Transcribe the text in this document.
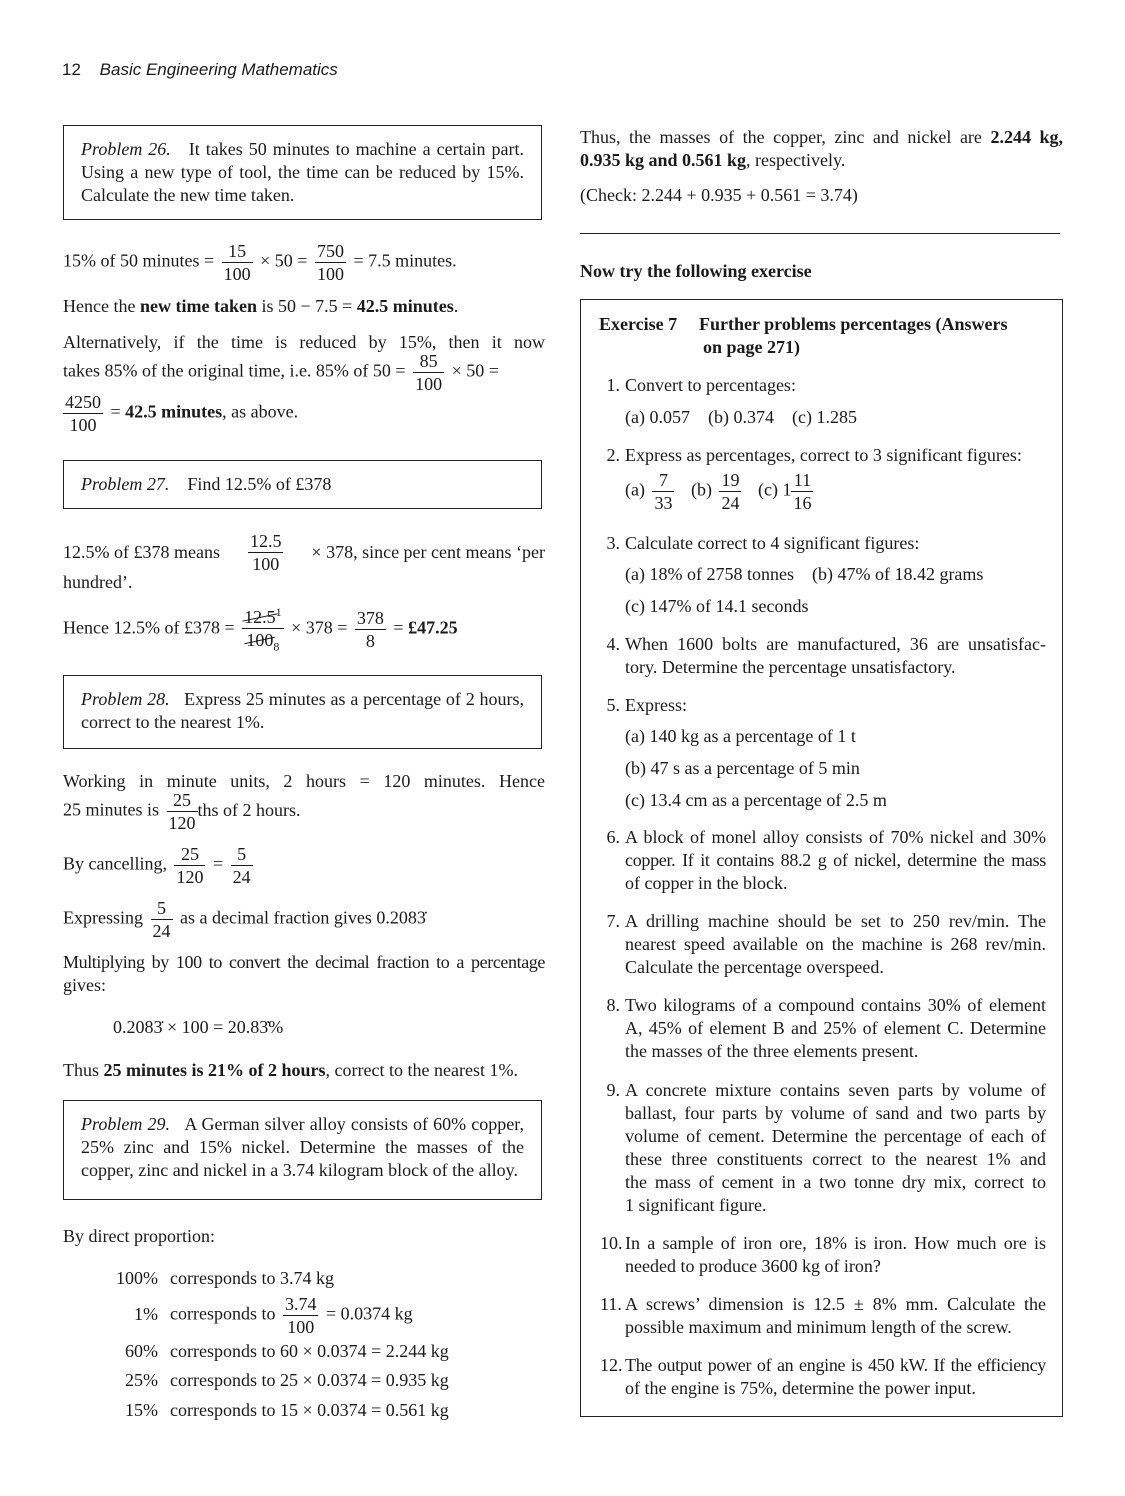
12 Basic Engineering Mathematics
Problem 26. It takes 50 minutes to machine a certain part. Using a new type of tool, the time can be reduced by 15%. Calculate the new time taken.
15% of 50 minutes = $\frac{15}{100} \times 50 = \frac{750}{100} = 7.5$ minutes.
Hence the new time taken is 50 − 7.5 = 42.5 minutes.
Alternatively, if the time is reduced by 15%, then it now
takes 85% of the original time, i.e. 85% of $50 = \frac{85}{100} \times 50$ =
$\frac{4250}{100} = 42.5$ minutes, as above.
Problem 27. Find 12.5% of £378
12.5% of £378 means $\frac{12.5}{100} \times 378$, since per cent means ‘per
hundred’.
Hence 12.5% of £378 = $\frac{12.5^1}{100_8} \times 378 = \frac{378}{8}$ = £47.25
Problem 28. Express 25 minutes as a percentage of 2 hours, correct to the nearest 1%.
Working in minute units, 2 hours = 120 minutes. Hence
25 minutes is $\frac{25}{120}$ ths of 2 hours.
By cancelling, $\frac{25}{120} = \frac{5}{24}$
Expressing $\frac{5}{24}$ as a decimal fraction gives 0.2083̇
Multiplying by 100 to convert the decimal fraction to a percentage
gives:
0.2083̇ × 100 = 20.83̇%
Thus 25 minutes is 21% of 2 hours, correct to the nearest 1%.
Problem 29. A German silver alloy consists of 60% copper, 25% zinc and 15% nickel. Determine the masses of the copper, zinc and nickel in a 3.74 kilogram block of the alloy.
By direct proportion:
100% corresponds to 3.74 kg
1% corresponds to $\frac{3.74}{100} = 0.0374$ kg
60% corresponds to 60 × 0.0374 = 2.244 kg
25% corresponds to 25 × 0.0374 = 0.935 kg
15% corresponds to 15 × 0.0374 = 0.561 kg
Thus, the masses of the copper, zinc and nickel are 2.244 kg,
0.935 kg and 0.561 kg, respectively.
(Check: 2.244 + 0.935 + 0.561 = 3.74)
Now try the following exercise
Exercise 7 Further problems percentages (Answers
on page 271)
1. Convert to percentages:
(a) 0.057    (b) 0.374    (c) 1.285
2. Express as percentages, correct to 3 significant figures:
$(a) \frac{7}{33} (b) \frac{19}{24} (c)$ $1 \frac{11}{16}$
3. Calculate correct to 4 significant figures:
(a) 18% of 2758 tonnes    (b) 47% of 18.42 grams
(c) 147% of 14.1 seconds
4. When 1600 bolts are manufactured, 36 are unsatisfac-
tory. Determine the percentage unsatisfactory.
5. Express:
(a) 140 kg as a percentage of 1 t
(b) 47 s as a percentage of 5 min
(c) 13.4 cm as a percentage of 2.5 m
6. A block of monel alloy consists of 70% nickel and 30%
copper. If it contains 88.2 g of nickel, determine the mass
of copper in the block.
7. A drilling machine should be set to 250 rev/min. The
nearest speed available on the machine is 268 rev/min.
Calculate the percentage overspeed.
8. Two kilograms of a compound contains 30% of element
A, 45% of element B and 25% of element C. Determine
the masses of the three elements present.
9. A concrete mixture contains seven parts by volume of
ballast, four parts by volume of sand and two parts by
volume of cement. Determine the percentage of each of
these three constituents correct to the nearest 1% and
the mass of cement in a two tonne dry mix, correct to
1 significant figure.
10. In a sample of iron ore, 18% is iron. How much ore is
needed to produce 3600 kg of iron?
11. A screws’ dimension is 12.5 ± 8% mm. Calculate the
possible maximum and minimum length of the screw.
12. The output power of an engine is 450 kW. If the efficiency
of the engine is 75%, determine the power input.
